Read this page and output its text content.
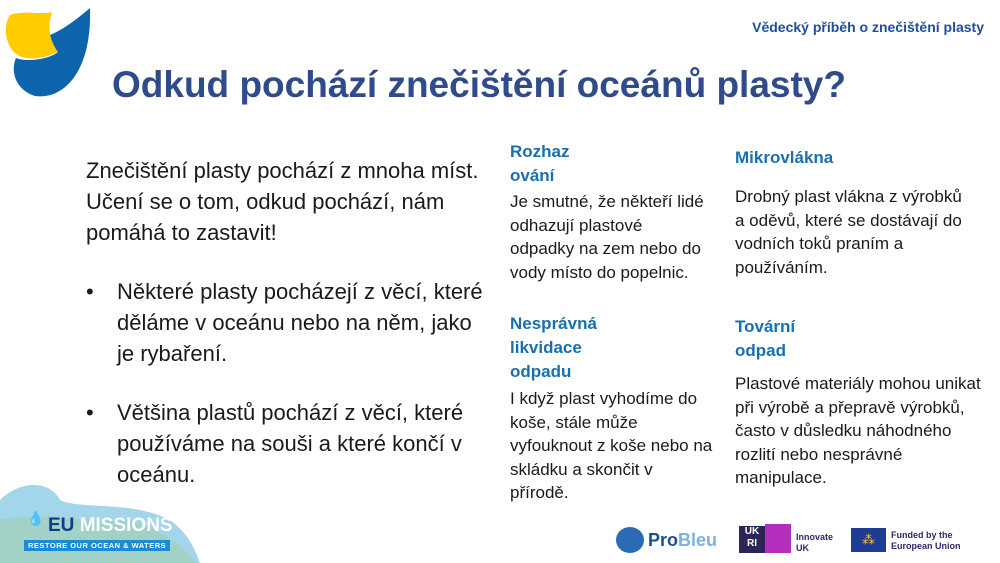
Vědecký příběh o znečištění plasty
Odkud pochází znečištění oceánů plasty?
Znečištění plasty pochází z mnoha míst. Učení se o tom, odkud pochází, nám pomáhá to zastavit!
•	Některé plasty pocházejí z věcí, které děláme v oceánu nebo na něm, jako je rybaření.
•	Většina plastů pochází z věcí, které používáme na souši a které končí v oceánu.
Rozhazování
Je smutné, že někteří lidé odhazují plastové odpadky na zem nebo do vody místo do popelnic.
Mikrovlákna
Drobný plast vlákna z výrobků a oděvů, které se dostávají do vodních toků praním a používáním.
Nesprávná likvidace odpadu
I když plast vyhodíme do koše, stále může vyfouknout z koše nebo na skládku a skončit v přírodě.
Tovární odpad
Plastové materiály mohou unikat při výrobě a přepravě výrobků, často v důsledku náhodného rozlití nebo nesprávné manipulace.
💧 EU MISSIONS
RESTORE OUR OCEAN & WATERS	ProBleu	UK
RI
Innovate UK
⁂	Funded by the European Union
